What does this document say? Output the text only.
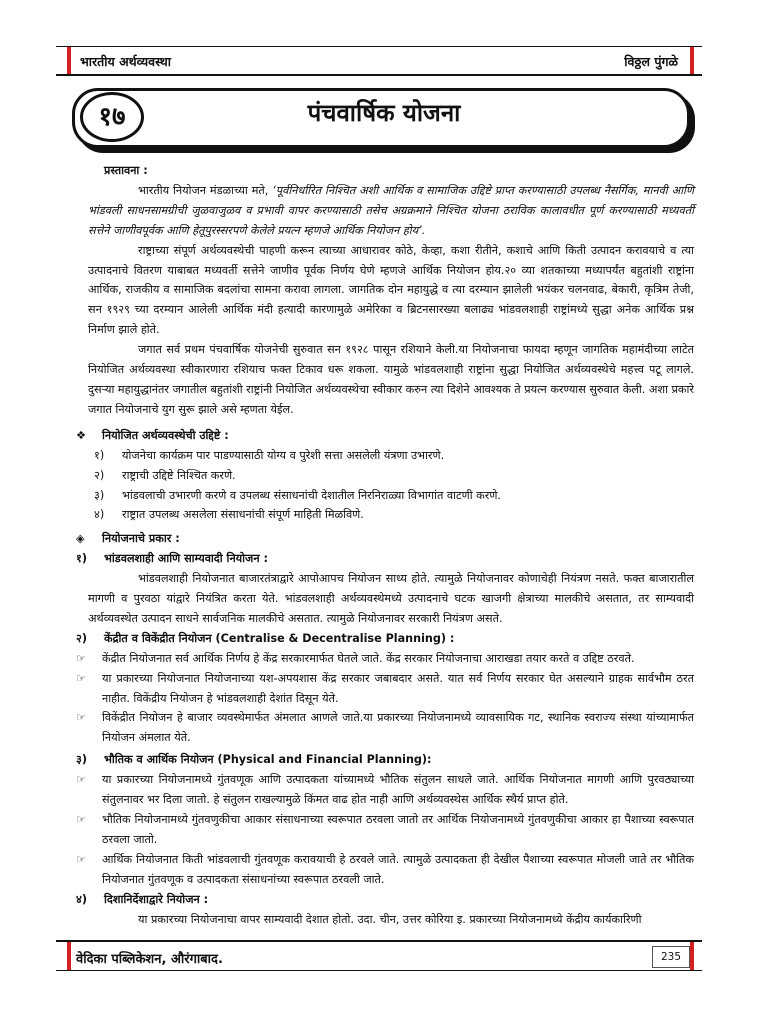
भारतीय अर्थव्यवस्था	विठ्ठल पुंगळे
१७	पंचवार्षिक योजना

प्रस्तावना :

भारतीय नियोजन मंडळाच्या मते, ‘पूर्वनिर्धारित निश्चित अशी आर्थिक व सामाजिक उद्दिष्टे प्राप्त करण्यासाठी उपलब्ध नैसर्गिक, मानवी आणि भांडवली साधनसामग्रीची जुळवाजुळव व प्रभावी वापर करण्यासाठी तसेच अग्रक्रमाने निश्चित योजना ठराविक कालावधीत पूर्ण करण्यासाठी मध्यवर्ती सत्तेने जाणीवपूर्वक आणि हेतूपुरस्सरपणे केलेले प्रयत्न म्हणजे आर्थिक नियोजन होय’.

राष्ट्राच्या संपूर्ण अर्थव्यवस्थेची पाहणी करून त्याच्या आधारावर कोठे, केव्हा, कशा रीतीने, कशाचे आणि किती उत्पादन करावयाचे व त्या उत्पादनाचे वितरण याबाबत मध्यवर्ती सत्तेने जाणीव पूर्वक निर्णय घेणे म्हणजे आर्थिक नियोजन होय.२० व्या शतकाच्या मध्यापर्यंत बहुतांशी राष्ट्रांना आर्थिक, राजकीय व सामाजिक बदलांचा सामना करावा लागला. जागतिक दोन महायुद्धे व त्या दरम्यान झालेली भयंकर चलनवाढ, बेकारी, कृत्रिम तेजी, सन १९२९ च्या दरम्यान आलेली आर्थिक मंदी हत्यादी कारणामुळे अमेरिका व ब्रिटनसारख्या बलाढ्य भांडवलशाही राष्ट्रांमध्ये सुद्धा अनेक आर्थिक प्रश्न निर्माण झाले होते.

जगात सर्व प्रथम पंचवार्षिक योजनेची सुरुवात सन १९२८ पासून रशियाने केली.या नियोजनाचा फायदा म्हणून जागतिक महामंदीच्या लाटेत नियोजित अर्थव्यवस्था स्वीकारणारा रशियाच फक्त टिकाव धरू शकला. यामुळे भांडवलशाही राष्ट्रांना सुद्धा नियोजित अर्थव्यवस्थेचे महत्त्व पटू लागले. दुसऱ्या महायुद्धानंतर जगातील बहुतांशी राष्ट्रांनी नियोजित अर्थव्यवस्थेचा स्वीकार करुन त्या दिशेने आवश्यक ते प्रयत्न करण्यास सुरुवात केली. अशा प्रकारे जगात नियोजनाचे युग सुरू झाले असे म्हणता येईल.

❖	नियोजित अर्थव्यवस्थेची उद्दिष्टे :
१)	योजनेचा कार्यक्रम पार पाडण्यासाठी योग्य व पुरेशी सत्ता असलेली यंत्रणा उभारणे.
२)	राष्ट्राची उद्दिष्टे निश्चित करणे.
३)	भांडवलाची उभारणी करणे व उपलब्ध संसाधनांची देशातील निरनिराळ्या विभागांत वाटणी करणे.
४)	राष्ट्रात उपलब्ध असलेला संसाधनांची संपूर्ण माहिती मिळविणे.
◈	नियोजनाचे प्रकार :
१)	भांडवलशाही आणि साम्यवादी नियोजन :

भांडवलशाही नियोजनात बाजारतंत्राद्वारे आपोआपच नियोजन साध्य होते. त्यामुळे नियोजनावर कोणाचेही नियंत्रण नसते. फक्त बाजारातील मागणी व पुरवठा यांद्वारे नियंत्रित करता येते. भांडवलशाही अर्थव्यवस्थेमध्ये उत्पादनाचे घटक खाजगी क्षेत्राच्या मालकीचे असतात, तर साम्यवादी अर्थव्यवस्थेत उत्पादन साधने सार्वजनिक मालकीचे असतात. त्यामुळे नियोजनावर सरकारी नियंत्रण असते.

२)	केंद्रीत व विकेंद्रीत नियोजन (Centralise & Decentralise Planning) :
☞	केंद्रीत नियोजनात सर्व आर्थिक निर्णय हे केंद्र सरकारमार्फत घेतले जाते. केंद्र सरकार नियोजनाचा आराखडा तयार करते व उद्दिष्ट ठरवते.
☞	या प्रकारच्या नियोजनात नियोजनाच्या यश-अपयशास केंद्र सरकार जबाबदार असते. यात सर्व निर्णय सरकार घेत असल्याने ग्राहक सार्वभौम ठरत नाहीत. विकेंद्रीय नियोजन हे भांडवलशाही देशांत दिसून येते.
☞	विकेंद्रीत नियोजन हे बाजार व्यवस्थेमार्फत अंमलात आणले जाते.या प्रकारच्या नियोजनामध्ये व्यावसायिक गट, स्थानिक स्वराज्य संस्था यांच्यामार्फत नियोजन अंमलात येते.
३)	भौतिक व आर्थिक नियोजन (Physical and Financial Planning):
☞	या प्रकारच्या नियोजनामध्ये गुंतवणूक आणि उत्पादकता यांच्यामध्ये भौतिक संतुलन साधले जाते. आर्थिक नियोजनात मागणी आणि पुरवठ्याच्या संतुलनावर भर दिला जातो. हे संतुलन राखल्यामुळे किंमत वाढ होत नाही आणि अर्थव्यवस्थेस आर्थिक स्थैर्य प्राप्त होते.
☞	भौतिक नियोजनामध्ये गुंतवणुकीचा आकार संसाधनाच्या स्वरूपात ठरवला जातो तर आर्थिक नियोजनामध्ये गुंतवणुकीचा आकार हा पैशाच्या स्वरूपात ठरवला जातो.
☞	आर्थिक नियोजनात किती भांडवलाची गुंतवणूक करावयाची हे ठरवले जाते. त्यामुळे उत्पादकता ही देखील पैशाच्या स्वरूपात मोजली जाते तर भौतिक नियोजनात गुंतवणूक व उत्पादकता संसाधनांच्या स्वरूपात ठरवली जाते.
४)	दिशानिर्देशाद्वारे नियोजन :

या प्रकारच्या नियोजनाचा वापर साम्यवादी देशात होतो. उदा. चीन, उत्तर कोरिया इ. प्रकारच्या नियोजनामध्ये केंद्रीय कार्यकारिणी

वेदिका पब्लिकेशन, औरंगाबाद.	235
